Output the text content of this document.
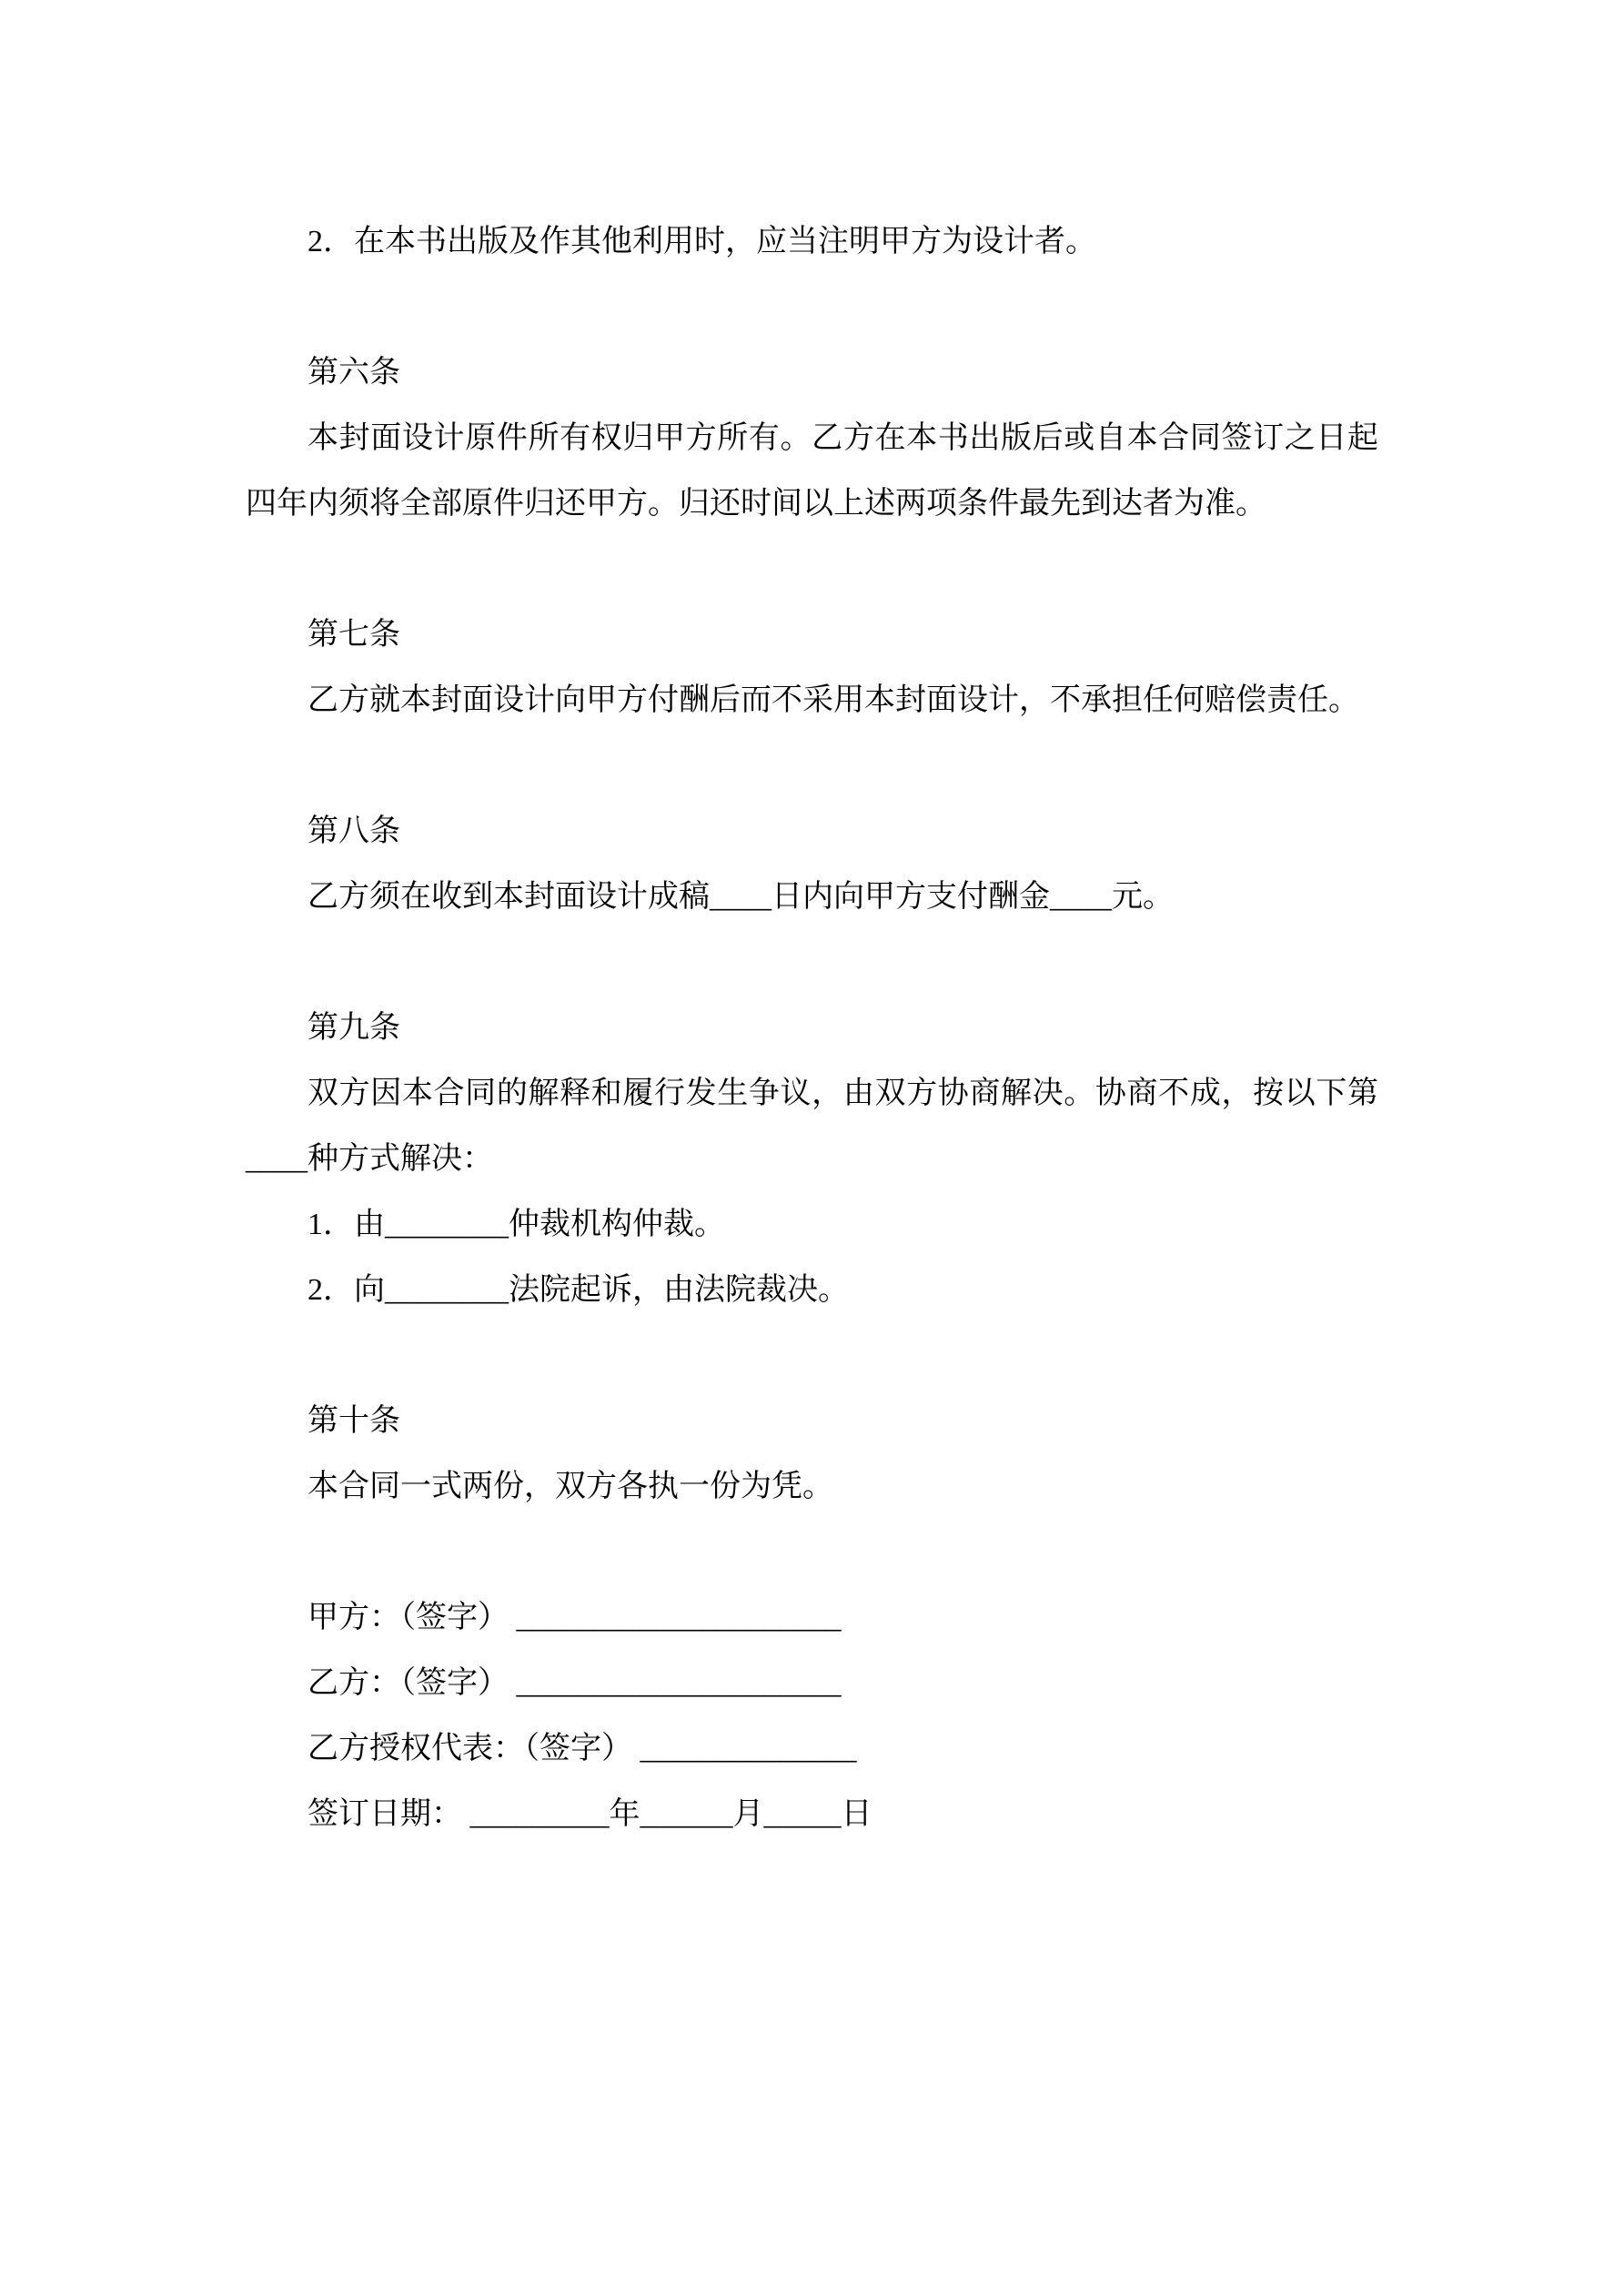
2．在本书出版及作其他利用时，应当注明甲方为设计者。

第六条

本封面设计原件所有权归甲方所有。乙方在本书出版后或自本合同签订之日起四年内须将全部原件归还甲方。归还时间以上述两项条件最先到达者为准。

第七条

乙方就本封面设计向甲方付酬后而不采用本封面设计，不承担任何赔偿责任。

第八条

乙方须在收到本封面设计成稿____日内向甲方支付酬金____元。

第九条

双方因本合同的解释和履行发生争议，由双方协商解决。协商不成，按以下第____种方式解决：

1．由________仲裁机构仲裁。

2．向________法院起诉，由法院裁决。

第十条

本合同一式两份，双方各执一份为凭。

甲方：（签字） _____________________

乙方：（签字） _____________________

乙方授权代表：（签字） ______________

签订日期： _________年______月_____日
